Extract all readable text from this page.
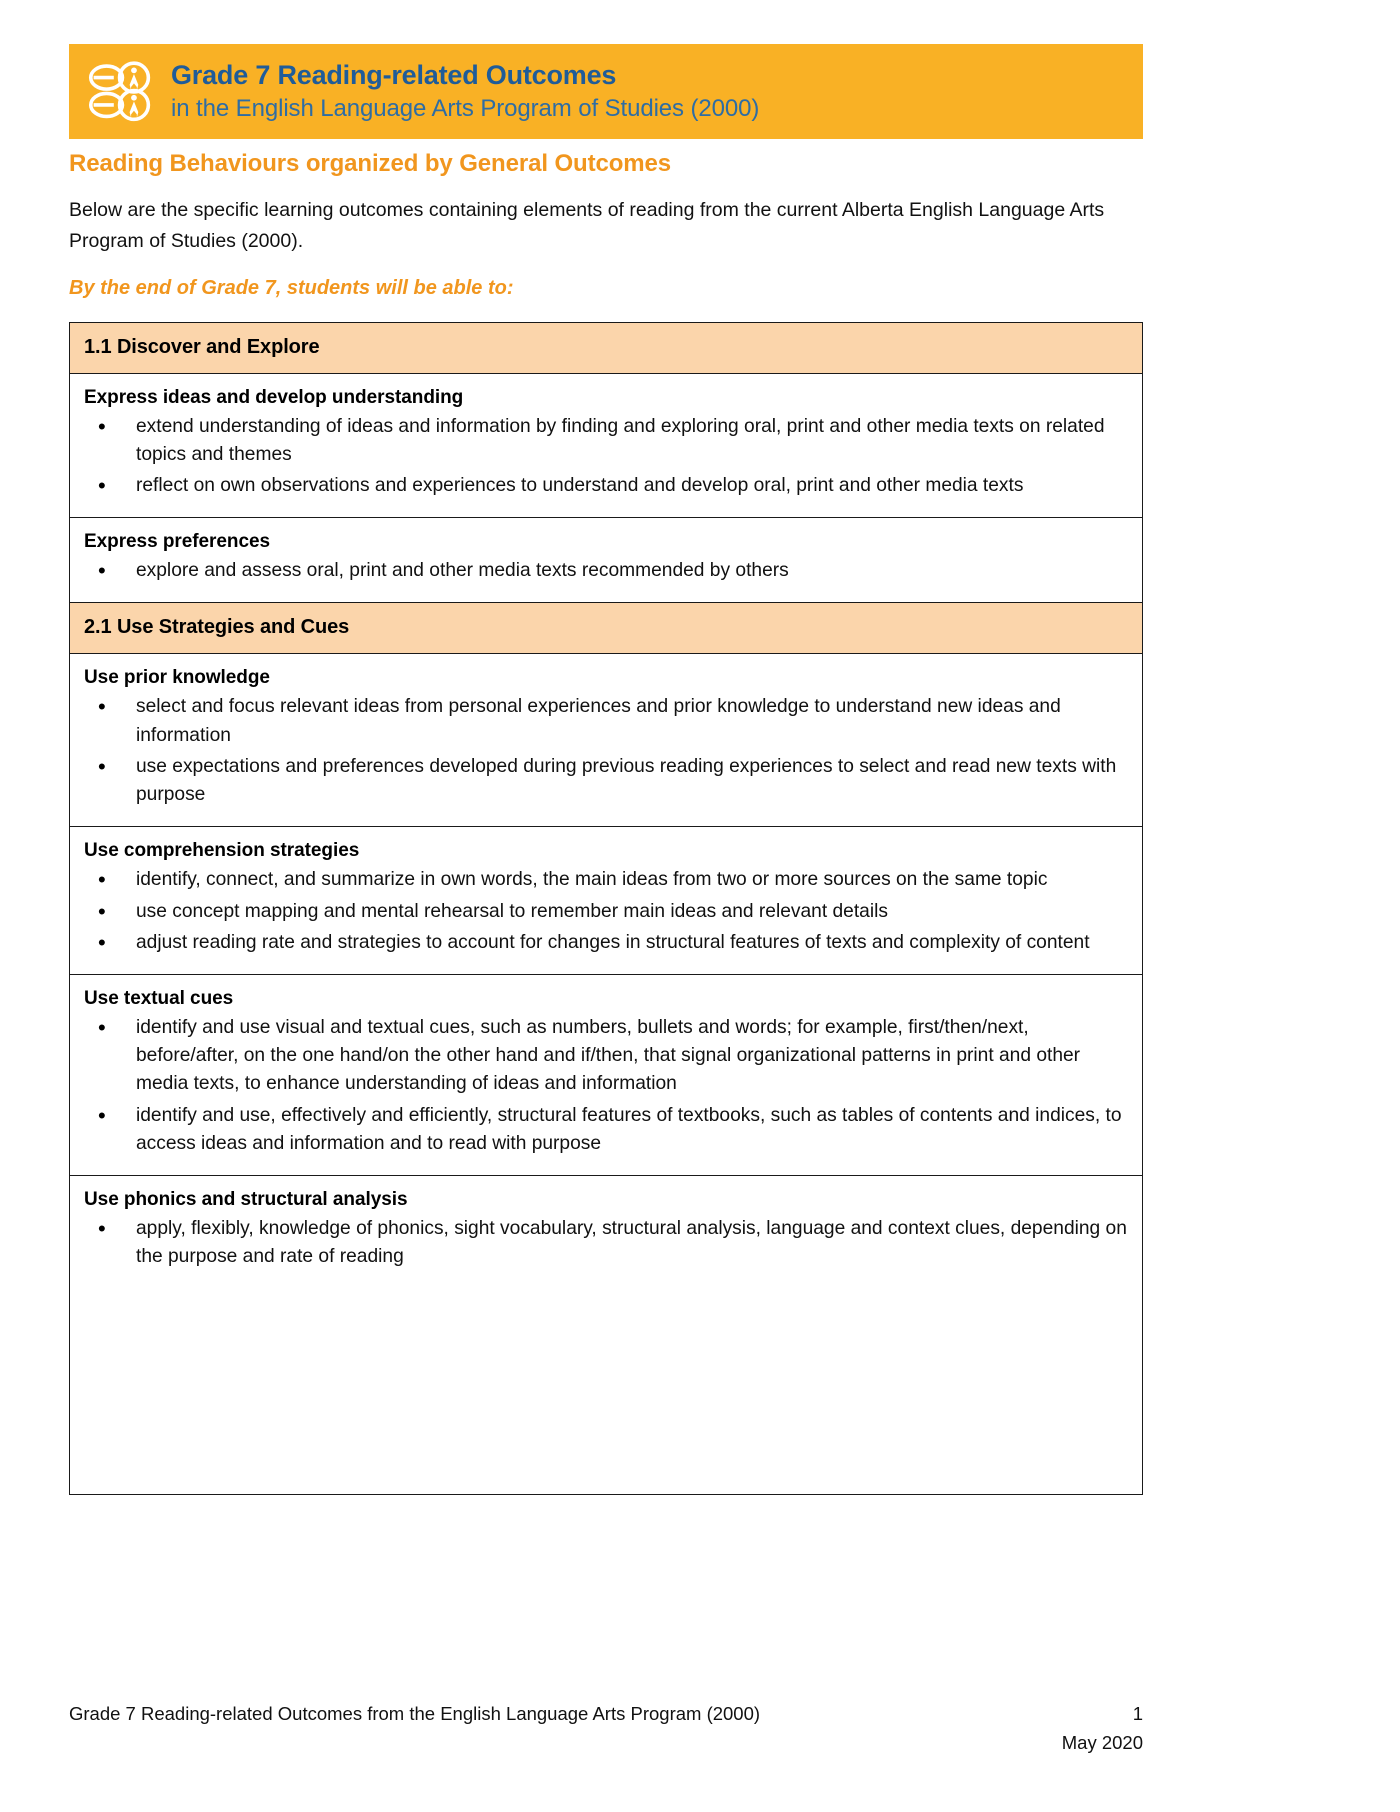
Grade 7 Reading-related Outcomes
in the English Language Arts Program of Studies (2000)
Reading Behaviours organized by General Outcomes

Below are the specific learning outcomes containing elements of reading from the current Alberta English Language Arts Program of Studies (2000).

By the end of Grade 7, students will be able to:
1.1 Discover and Explore
Express ideas and develop understanding
• extend understanding of ideas and information by finding and exploring oral, print and other media texts on related topics and themes
• reflect on own observations and experiences to understand and develop oral, print and other media texts
Express preferences
• explore and assess oral, print and other media texts recommended by others
2.1 Use Strategies and Cues
Use prior knowledge
• select and focus relevant ideas from personal experiences and prior knowledge to understand new ideas and information
• use expectations and preferences developed during previous reading experiences to select and read new texts with purpose
Use comprehension strategies
• identify, connect, and summarize in own words, the main ideas from two or more sources on the same topic
• use concept mapping and mental rehearsal to remember main ideas and relevant details
• adjust reading rate and strategies to account for changes in structural features of texts and complexity of content
Use textual cues
• identify and use visual and textual cues, such as numbers, bullets and words; for example, first/then/next, before/after, on the one hand/on the other hand and if/then, that signal organizational patterns in print and other media texts, to enhance understanding of ideas and information
• identify and use, effectively and efficiently, structural features of textbooks, such as tables of contents and indices, to access ideas and information and to read with purpose
Use phonics and structural analysis
• apply, flexibly, knowledge of phonics, sight vocabulary, structural analysis, language and context clues, depending on the purpose and rate of reading
Grade 7 Reading-related Outcomes from the English Language Arts Program (2000)	1
May 2020
